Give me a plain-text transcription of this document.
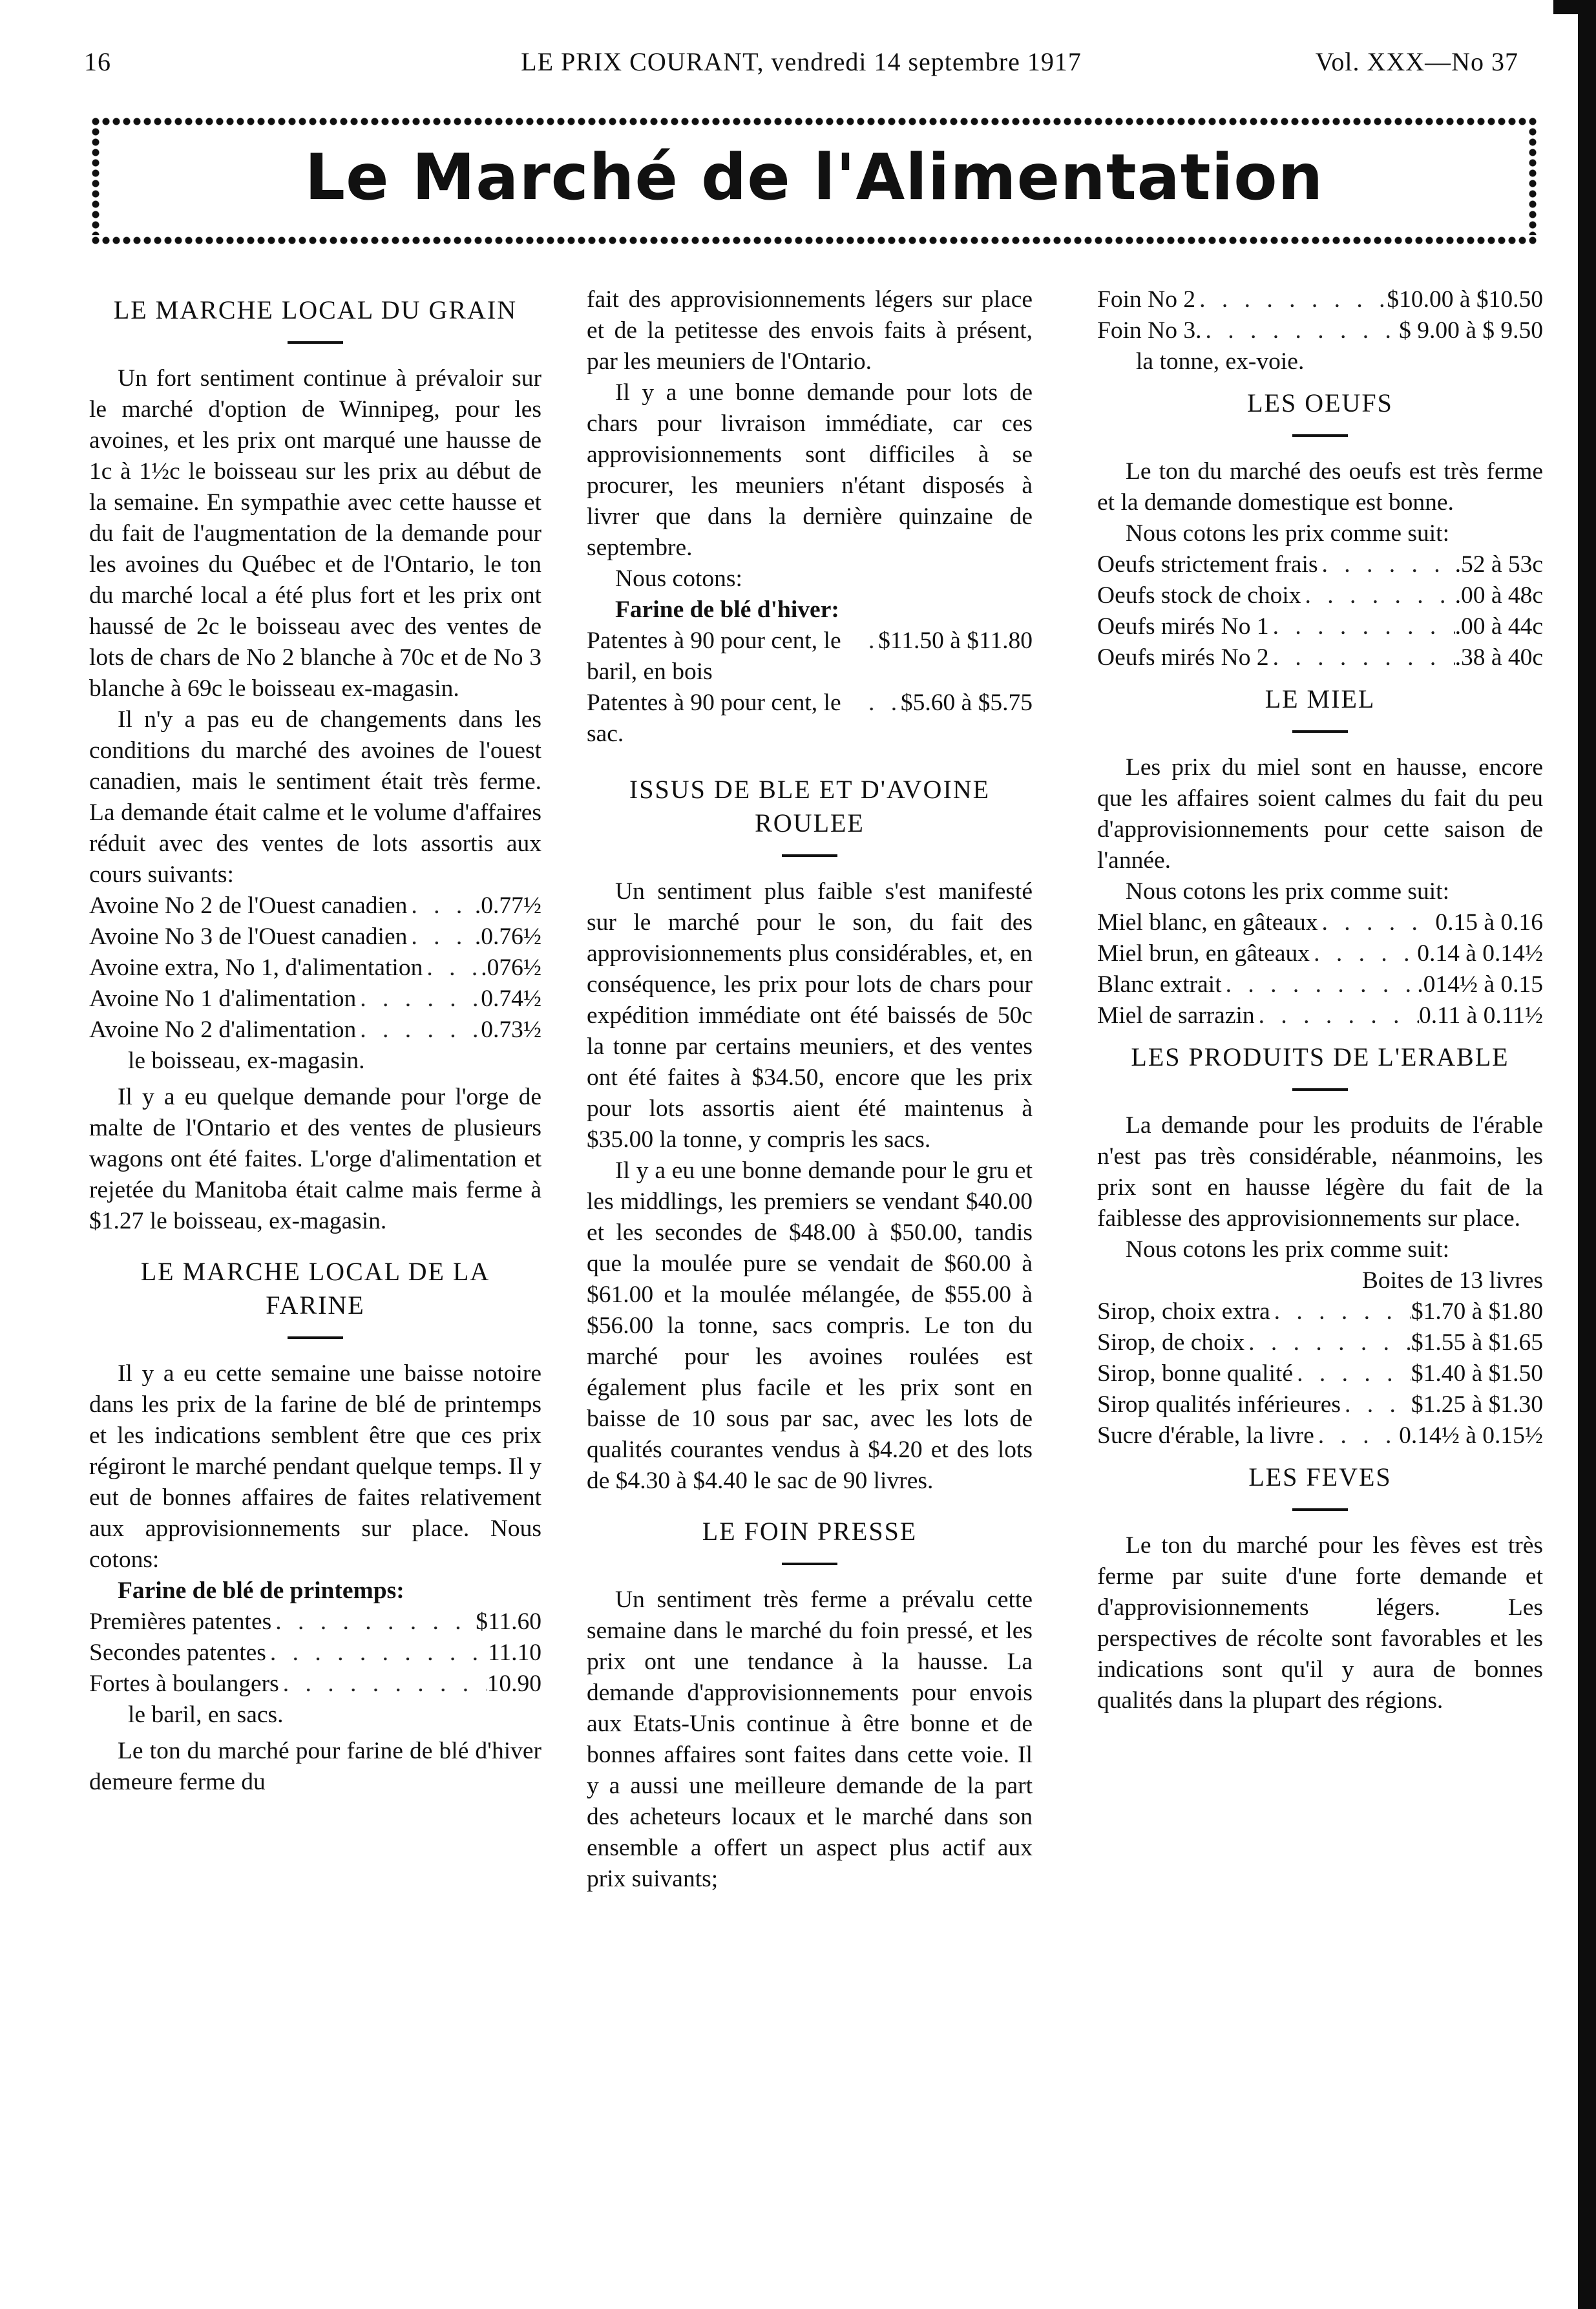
16	LE PRIX COURANT, vendredi 14 septembre 1917	Vol. XXX—No 37
Le Marché de l'Alimentation
LE MARCHE LOCAL DU GRAIN

Un fort sentiment continue à prévaloir sur le marché d'option de Winnipeg, pour les avoines, et les prix ont marqué une hausse de 1c à 1½c le boisseau sur les prix au début de la semaine. En sympathie avec cette hausse et du fait de l'augmentation de la demande pour les avoines du Québec et de l'Ontario, le ton du marché local a été plus fort et les prix ont haussé de 2c le boisseau avec des ventes de lots de chars de No 2 blanche à 70c et de No 3 blanche à 69c le boisseau ex-magasin.

Il n'y a pas eu de changements dans les conditions du marché des avoines de l'ouest canadien, mais le sentiment était très ferme. La demande était calme et le volume d'affaires réduit avec des ventes de lots assortis aux cours suivants:

Avoine No 2 de l'Ouest canadien . . .	.0.77½
Avoine No 3 de l'Ouest canadien . . .	.0.76½
Avoine extra, No 1, d'alimentation . . . .076½
Avoine No 1 d'alimentation . . .	0.74½
Avoine No 2 d'alimentation . . .	0.73½
le boisseau, ex-magasin.

Il y a eu quelque demande pour l'orge de malte de l'Ontario et des ventes de plusieurs wagons ont été faites. L'orge d'alimentation et rejetée du Manitoba était calme mais ferme à $1.27 le boisseau, ex-magasin.

LE MARCHE LOCAL DE LA FARINE

Il y a eu cette semaine une baisse notoire dans les prix de la farine de blé de printemps et les indications semblent être que ces prix régiront le marché pendant quelque temps. Il y eut de bonnes affaires de faites relativement aux approvisionnements sur place. Nous cotons:

Farine de blé de printemps:

Premières patentes . . .	$11.60
Secondes patentes . . .	11.10
Fortes à boulangers . . .	10.90
le baril, en sacs.

Le ton du marché pour farine de blé d'hiver demeure ferme du

fait des approvisionnements légers sur place et de la petitesse des envois faits à présent, par les meuniers de l'Ontario.

Il y a une bonne demande pour lots de chars pour livraison immédiate, car ces approvisionnements sont difficiles à se procurer, les meuniers n'étant disposés à livrer que dans la dernière quinzaine de septembre.

Nous cotons:

Farine de blé d'hiver:

Patentes à 90 pour cent, le baril, en bois
. . .
$11.50 à $11.80
Patentes à 90 pour cent, le sac.
. . .
$5.60 à $5.75
ISSUS DE BLE ET D'AVOINE ROULEE

Un sentiment plus faible s'est manifesté sur le marché pour le son, du fait des approvisionnements plus considérables, et, en conséquence, les prix pour lots de chars pour expédition immédiate ont été baissés de 50c la tonne par certains meuniers, et des ventes ont été faites à $34.50, encore que les prix pour lots assortis aient été maintenus à $35.00 la tonne, y compris les sacs.

Il y a eu une bonne demande pour le gru et les middlings, les premiers se vendant $40.00 et les secondes de $48.00 à $50.00, tandis que la moulée pure se vendait de $60.00 à $61.00 et la moulée mélangée, de $55.00 à $56.00 la tonne, sacs compris. Le ton du marché pour les avoines roulées est également plus facile et les prix sont en baisse de 10 sous par sac, avec les lots de qualités courantes vendus à $4.20 et des lots de $4.30 à $4.40 le sac de 90 livres.

LE FOIN PRESSE

Un sentiment très ferme a prévalu cette semaine dans le marché du foin pressé, et les prix ont une tendance à la hausse. La demande d'approvisionnements pour envois aux Etats-Unis continue à être bonne et de bonnes affaires sont faites dans cette voie. Il y a aussi une meilleure demande de la part des acheteurs locaux et le marché dans son ensemble a offert un aspect plus actif aux prix suivants;

Foin No 2 . . .	$10.00 à $10.50
Foin No 3. . . .	$ 9.00 à $ 9.50
la tonne, ex-voie.
LES OEUFS

Le ton du marché des oeufs est très ferme et la demande domestique est bonne.

Nous cotons les prix comme suit:

Oeufs strictement frais . . .	.52 à 53c
Oeufs stock de choix . . .	.00 à 48c
Oeufs mirés No 1 . . .	.00 à 44c
Oeufs mirés No 2 . . .	.38 à 40c
LE MIEL

Les prix du miel sont en hausse, encore que les affaires soient calmes du fait du peu d'approvisionnements pour cette saison de l'année.

Nous cotons les prix comme suit:

Miel blanc, en gâteaux . . .	0.15 à 0.16
Miel brun, en gâteaux . . .	0.14 à 0.14½
Blanc extrait . . .	.014½ à 0.15
Miel de sarrazin . . .	0.11 à 0.11½
LES PRODUITS DE L'ERABLE

La demande pour les produits de l'érable n'est pas très considérable, néanmoins, les prix sont en hausse légère du fait de la faiblesse des approvisionnements sur place.

Nous cotons les prix comme suit:

Boites de 13 livres
Sirop, choix extra . . .	$1.70 à $1.80
Sirop, de choix . . .	$1.55 à $1.65
Sirop, bonne qualité . . .	$1.40 à $1.50
Sirop qualités inférieures . . .	$1.25 à $1.30
Sucre d'érable, la livre . . .	0.14½ à 0.15½
LES FEVES

Le ton du marché pour les fèves est très ferme par suite d'une forte demande et d'approvisionnements légers. Les perspectives de récolte sont favorables et les indications sont qu'il y aura de bonnes qualités dans la plupart des régions.
